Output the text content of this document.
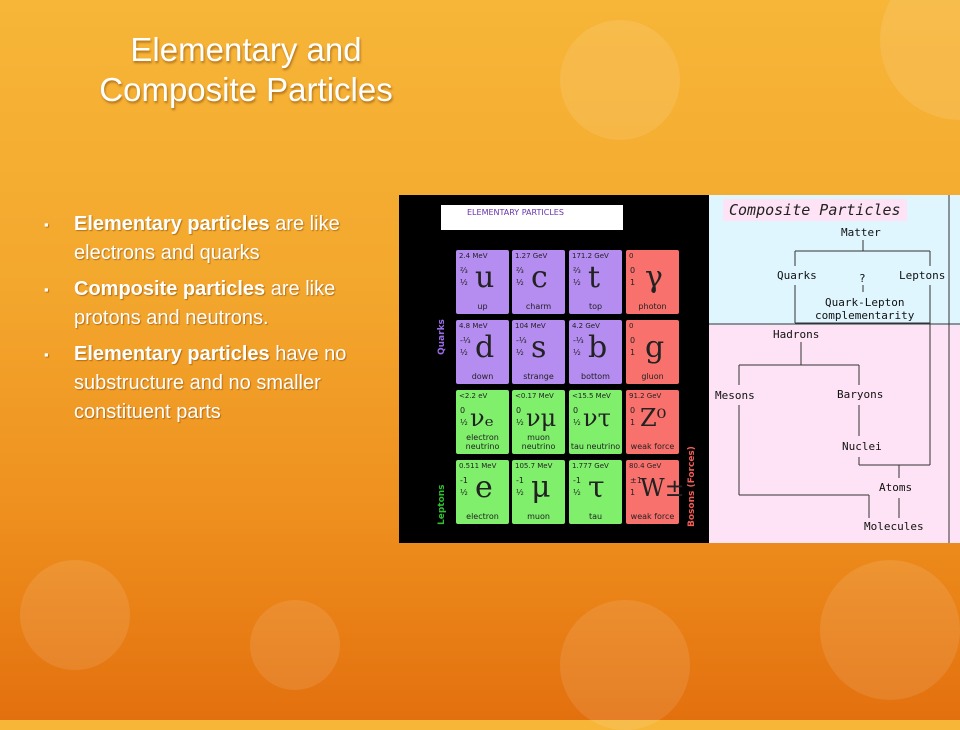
Elementary and
Composite Particles
▪ Elementary particles are like electrons and quarks
▪ Composite particles are like protons and neutrons.
▪ Elementary particles have no substructure and no smaller constituent parts
ELEMENTARY PARTICLES
2.4 MeV
⅔
½ u
up
1.27 GeV
⅔
½ c
charm
171.2 GeV
⅔
½ t
top
0
0
1 γ
photon
4.8 MeV
-⅓
½ d
down
104 MeV
-⅓
½ s
strange
4.2 GeV
-⅓
½ b
bottom
0
0
1 g
gluon
<2.2 eV
0
½ νₑ
electron neutrino
<0.17 MeV
0
½ νμ
muon neutrino
<15.5 MeV
0
½ ντ
tau neutrino
91.2 GeV
0
1 Z⁰
weak force
0.511 MeV
-1
½ e
electron
105.7 MeV
-1
½ μ
muon
1.777 GeV
-1
½ τ
tau
80.4 GeV
±1
1 W±
weak force
Quarks
Leptons	Bosons (Forces)
Composite Particles
Matter
Quarks	?	Leptons
Quark-Lepton
complementarity
Hadrons
Mesons	Baryons
Nuclei
Atoms
Molecules
